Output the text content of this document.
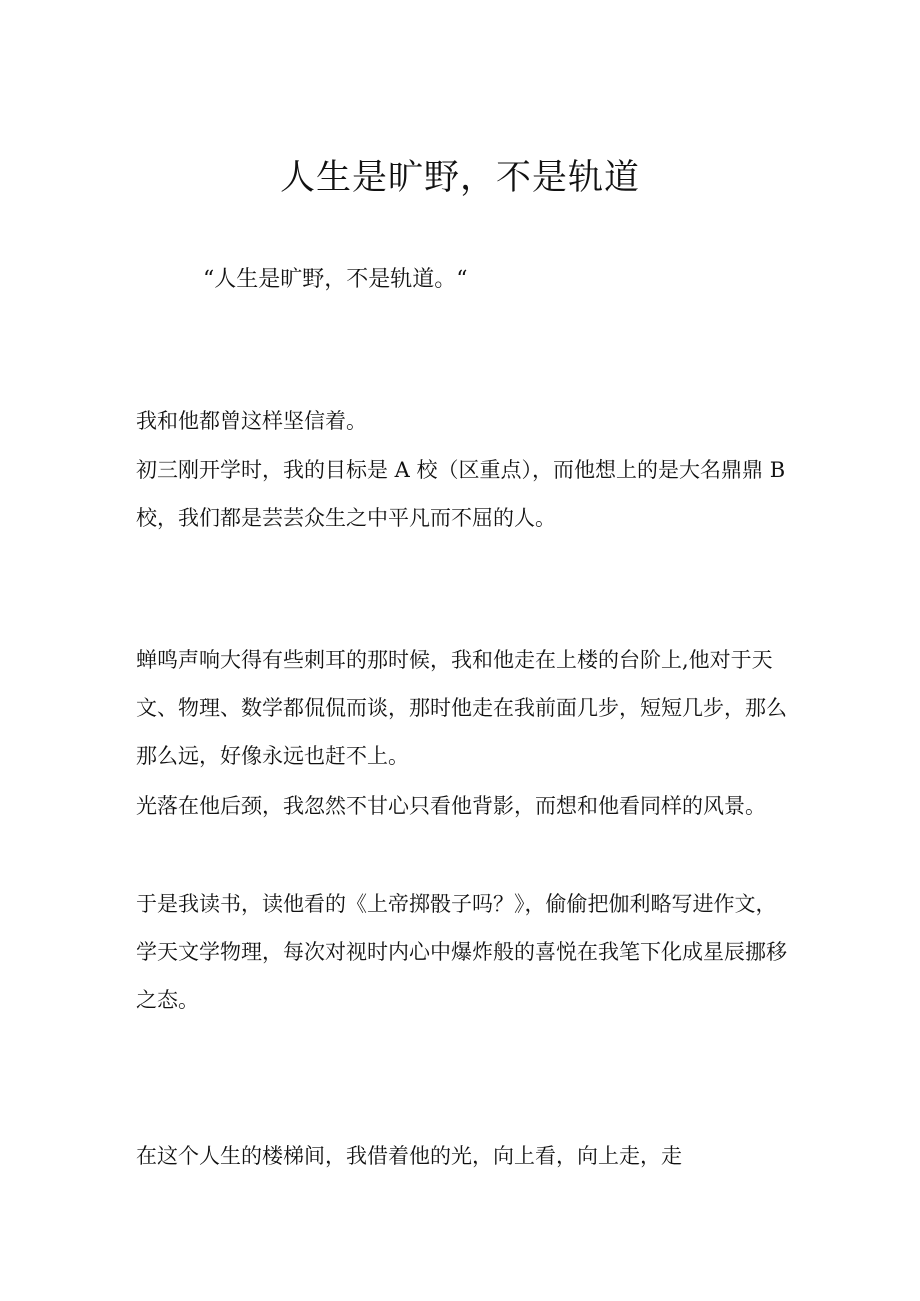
人生是旷野，不是轨道
“人生是旷野，不是轨道。“

我和他都曾这样坚信着。

初三刚开学时，我的目标是 A 校（区重点），而他想上的是大名鼎鼎 B 校，我们都是芸芸众生之中平凡而不屈的人。

蝉鸣声响大得有些刺耳的那时候，我和他走在上楼的台阶上,他对于天文、物理、数学都侃侃而谈，那时他走在我前面几步，短短几步，那么那么远，好像永远也赶不上。

光落在他后颈，我忽然不甘心只看他背影，而想和他看同样的风景。

于是我读书，读他看的《上帝掷骰子吗？》，偷偷把伽利略写进作文，学天文学物理，每次对视时内心中爆炸般的喜悦在我笔下化成星辰挪移之态。

在这个人生的楼梯间，我借着他的光，向上看，向上走，走
